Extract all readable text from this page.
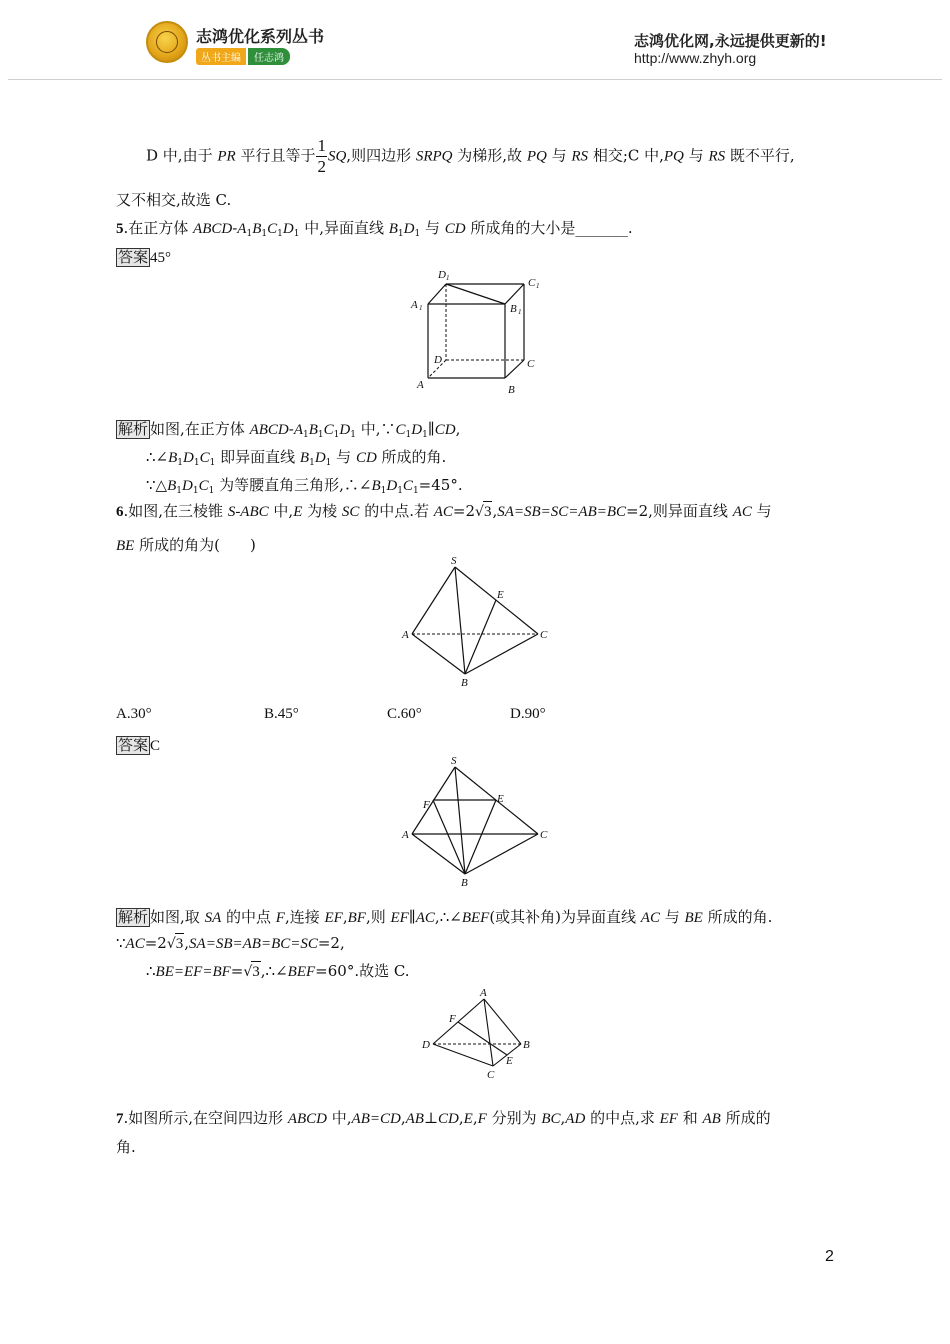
志鸿优化系列丛书
丛书主编	任志鸿
志鸿优化网,永远提供更新的!
http://www.zhyh.org
D 中,由于 PR 平行且等于 $\frac{1}{2}$ SQ,则四边形 SRPQ 为梯形,故 PQ 与 RS 相交;C 中,PQ 与 RS 既不平行,
又不相交,故选 C.
5.在正方体 ABCD-$A_1B_1C_1D_1$ 中,异面直线 $B_1D_1$ 与 CD 所成角的大小是_______.
答案 45°
D 1	C 1
A 1	B 1
D	C
A	B
解析 如图,在正方体 ABCD-$A_1B_1C_1D_1$ 中$,\because C_1D_1\parallel CD$,
$\therefore\angle B_1D_1C_1$ 即异面直线 $B_1D_1$ 与 CD 所成的角.
$\because\triangle B_1D_1C_1$ 为等腰直角三角形$,\therefore\angle B_1D_1C_1=45^\circ$.
6.如图,在三棱锥 S-ABC 中,E 为棱 SC 的中点.若 AC=2√3,SA=SB=SC=AB=BC=2,则异面直线 AC 与
BE 所成的角为(　　)
S
A	C
E
B
A.30°	B.45°	C.60°	D.90°
答案 C
S
F	E
A	C
B
解析 如图,取 SA 的中点 F,连接 EF,BF,则 EF∥AC,∴∠BEF(或其补角)为异面直线 AC 与 BE 所成的角.
∵AC=2√3,SA=SB=AB=BC=SC=2,
∴BE=EF=BF=√3,∴∠BEF=60°.故选 C.
A
F
D	B
E
C
7.如图所示,在空间四边形 ABCD 中,AB=CD,AB⊥CD,E,F 分别为 BC,AD 的中点,求 EF 和 AB 所成的
角.
2
